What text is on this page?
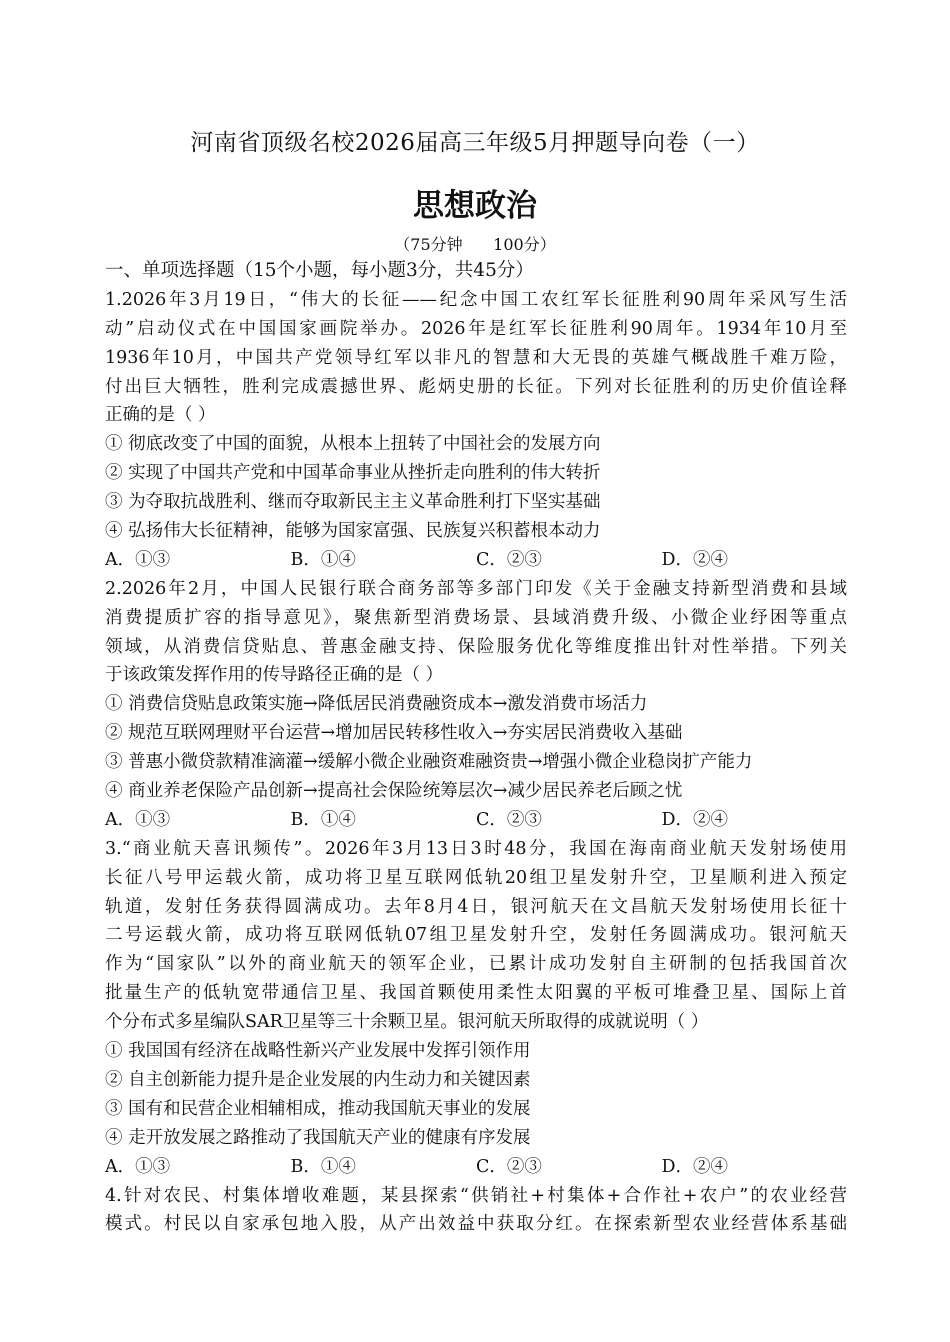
河南省顶级名校2026届高三年级5月押题导向卷（一）
思想政治
（75分钟      100分）
一、单项选择题（15个小题，每小题3分，共45分）
1.2026年3月19日，“伟大的长征——纪念中国工农红军长征胜利90周年采风写生活
动”启动仪式在中国国家画院举办。2026年是红军长征胜利90周年。1934年10月至
1936年10月，中国共产党领导红军以非凡的智慧和大无畏的英雄气概战胜千难万险，
付出巨大牺牲，胜利完成震撼世界、彪炳史册的长征。下列对长征胜利的历史价值诠释
正确的是（ ）
① 彻底改变了中国的面貌，从根本上扭转了中国社会的发展方向
② 实现了中国共产党和中国革命事业从挫折走向胜利的伟大转折
③ 为夺取抗战胜利、继而夺取新民主主义革命胜利打下坚实基础
④ 弘扬伟大长征精神，能够为国家富强、民族复兴积蓄根本动力
A．①③	B．①④	C．②③	D．②④
2.2026年2月，中国人民银行联合商务部等多部门印发《关于金融支持新型消费和县域
消费提质扩容的指导意见》，聚焦新型消费场景、县域消费升级、小微企业纾困等重点
领域，从消费信贷贴息、普惠金融支持、保险服务优化等维度推出针对性举措。下列关
于该政策发挥作用的传导路径正确的是（ ）
① 消费信贷贴息政策实施→降低居民消费融资成本→激发消费市场活力
② 规范互联网理财平台运营→增加居民转移性收入→夯实居民消费收入基础
③ 普惠小微贷款精准滴灌→缓解小微企业融资难融资贵→增强小微企业稳岗扩产能力
④ 商业养老保险产品创新→提高社会保险统筹层次→减少居民养老后顾之忧
A．①③	B．①④	C．②③	D．②④
3.“商业航天喜讯频传”。2026年3月13日3时48分，我国在海南商业航天发射场使用
长征八号甲运载火箭，成功将卫星互联网低轨20组卫星发射升空，卫星顺利进入预定
轨道，发射任务获得圆满成功。去年8月4日，银河航天在文昌航天发射场使用长征十
二号运载火箭，成功将互联网低轨07组卫星发射升空，发射任务圆满成功。银河航天
作为“国家队”以外的商业航天的领军企业，已累计成功发射自主研制的包括我国首次
批量生产的低轨宽带通信卫星、我国首颗使用柔性太阳翼的平板可堆叠卫星、国际上首
个分布式多星编队SAR卫星等三十余颗卫星。银河航天所取得的成就说明（ ）
① 我国国有经济在战略性新兴产业发展中发挥引领作用
② 自主创新能力提升是企业发展的内生动力和关键因素
③ 国有和民营企业相辅相成，推动我国航天事业的发展
④ 走开放发展之路推动了我国航天产业的健康有序发展
A．①③	B．①④	C．②③	D．②④
4.针对农民、村集体增收难题，某县探索“供销社+村集体+合作社+农户”的农业经营
模式。村民以自家承包地入股，从产出效益中获取分红。在探索新型农业经营体系基础
